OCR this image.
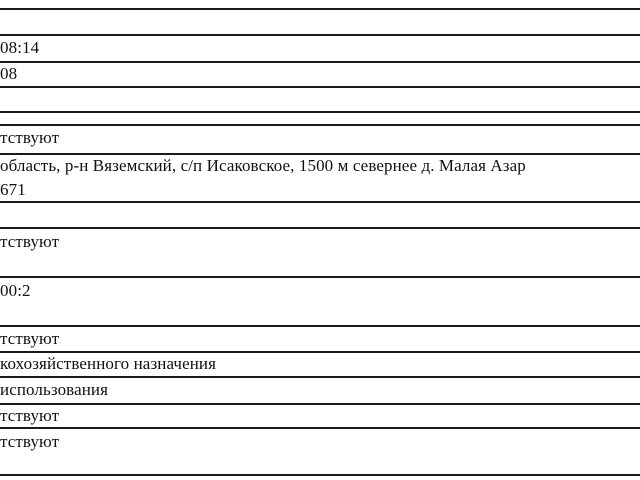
08:14
08
тствуют
область, р-н Вяземский, с/п Исаковское, 1500 м севернее д. Малая Азар
671
тствуют
00:2
тствуют
кохозяйственного назначения
использования
тствуют
тствуют
